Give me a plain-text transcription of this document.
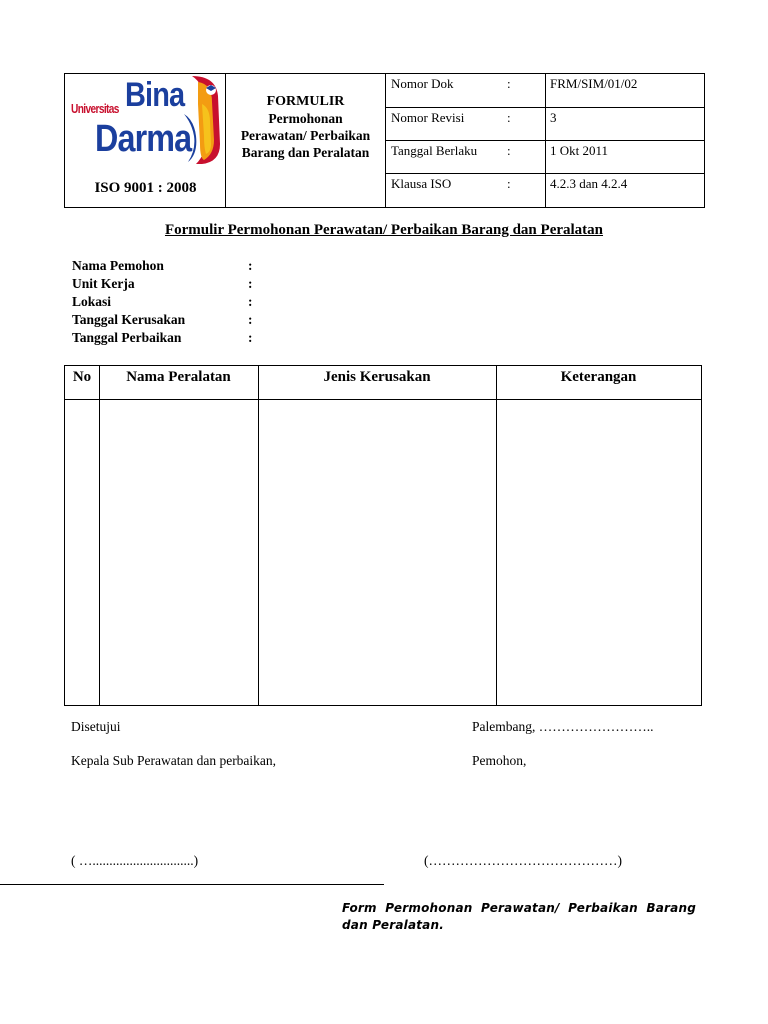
Universitas Bina
Darma
ISO 9001 : 2008
FORMULIR
Permohonan
Perawatan/ Perbaikan
Barang dan Peralatan
Nomor Dok	:	FRM/SIM/01/02
Nomor Revisi	:	3
Tanggal Berlaku :	1 Okt 2011
Klausa ISO	:	4.2.3 dan 4.2.4
Formulir Permohonan Perawatan/ Perbaikan Barang dan Peralatan
Nama Pemohon	:
Unit Kerja	:
Lokasi	:
Tanggal Kerusakan	:
Tanggal Perbaikan	:
No	Nama Peralatan	Jenis Kerusakan	Keterangan
Disetujui	Palembang, ……………………..
Kepala Sub Perawatan dan perbaikan,	Pemohon,
( …..............................)	(……………………………………)
Form Permohonan Perawatan/ Perbaikan Barang dan Peralatan.
